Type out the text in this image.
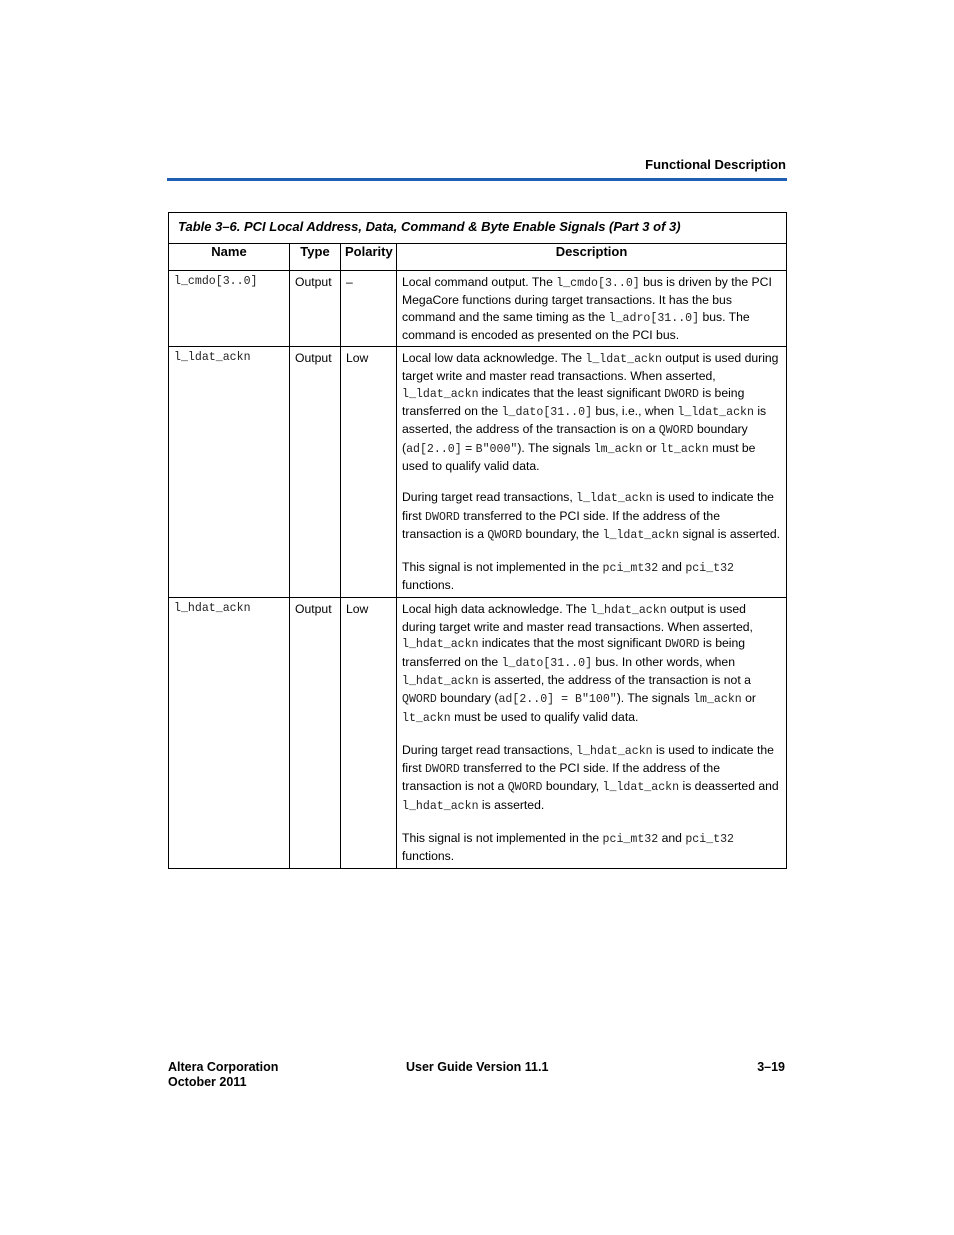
Functional Description
Table 3–6. PCI Local Address, Data, Command & Byte Enable Signals (Part 3 of 3)			
Name	Type	Polarity	Description
l_cmdo[3..0]	Output	–	Local command output. The l_cmdo[3..0] bus is driven by the PCI MegaCore functions during target transactions. It has the bus command and the same timing as the l_adro[31..0] bus. The command is encoded as presented on the PCI bus.

l_ldat_ackn	Output	Low	Local low data acknowledge. The l_ldat_ackn output is used during target write and master read transactions. When asserted, l_ldat_ackn indicates that the least significant DWORD is being transferred on the l_dato[31..0] bus, i.e., when l_ldat_ackn is asserted, the address of the transaction is on a QWORD boundary (ad[2..0] = B"000"). The signals lm_ackn or lt_ackn must be used to qualify valid data.

During target read transactions, l_ldat_ackn is used to indicate the first DWORD transferred to the PCI side. If the address of the transaction is a QWORD boundary, the l_ldat_ackn signal is asserted.

This signal is not implemented in the pci_mt32 and pci_t32 functions.

l_hdat_ackn	Output	Low	Local high data acknowledge. The l_hdat_ackn output is used during target write and master read transactions. When asserted, l_hdat_ackn indicates that the most significant DWORD is being transferred on the l_dato[31..0] bus. In other words, when l_hdat_ackn is asserted, the address of the transaction is not a QWORD boundary (ad[2..0] = B"100"). The signals lm_ackn or lt_ackn must be used to qualify valid data.

During target read transactions, l_hdat_ackn is used to indicate the first DWORD transferred to the PCI side. If the address of the transaction is not a QWORD boundary, l_ldat_ackn is deasserted and l_hdat_ackn is asserted.

This signal is not implemented in the pci_mt32 and pci_t32 functions.

Altera Corporation
October 2011
User Guide Version 11.1	3–19
